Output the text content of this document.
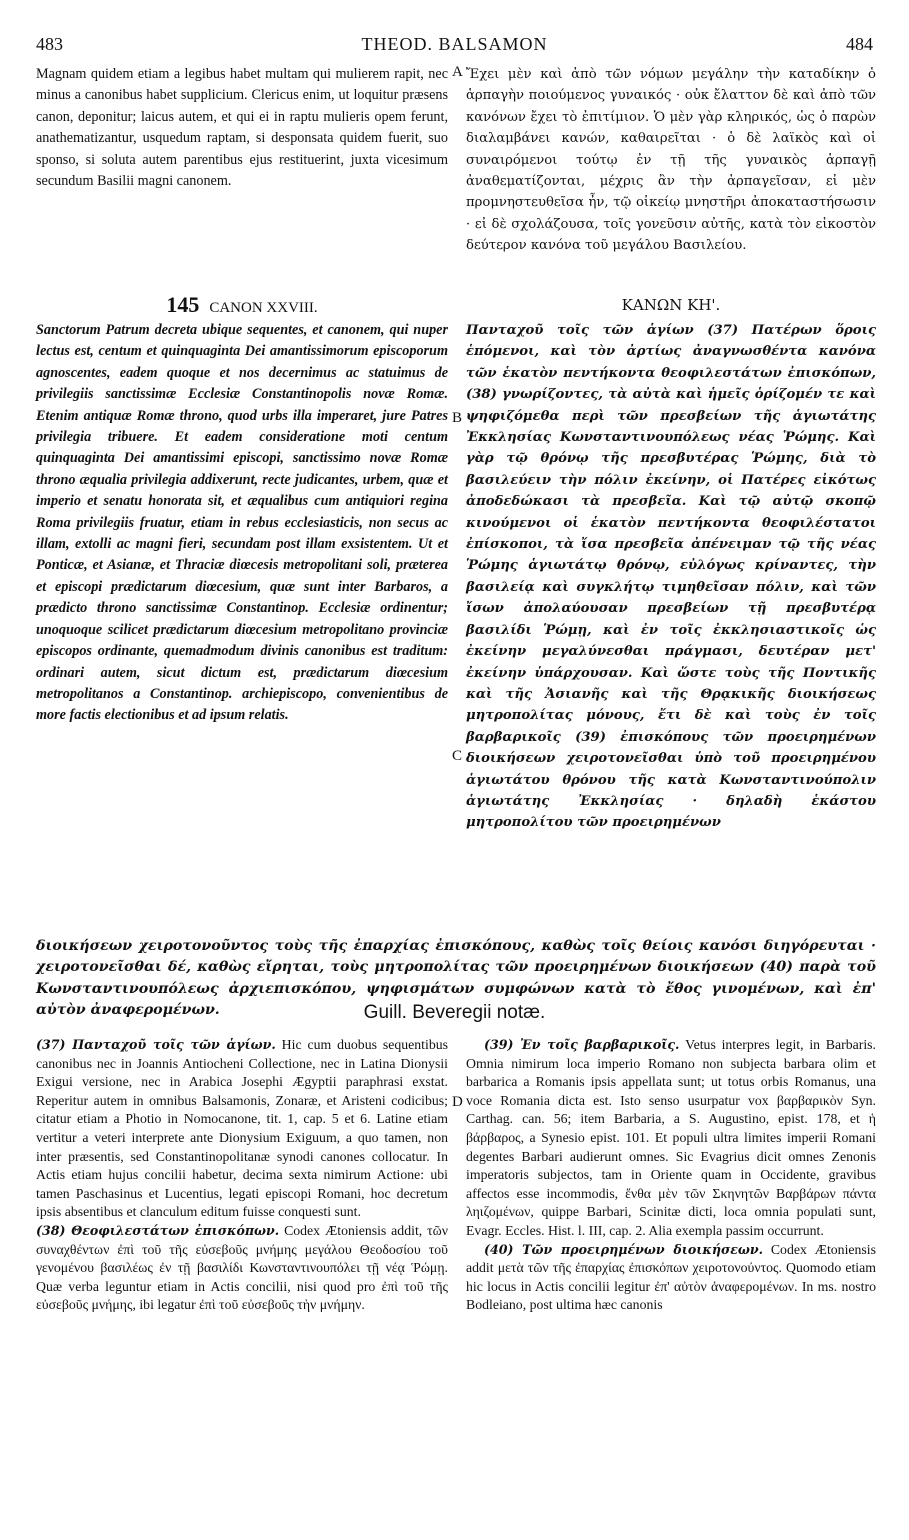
483	THEOD. BALSAMON	484

Magnam quidem etiam a legibus habet multam qui mulierem rapit, nec minus a canonibus habet supplicium. Clericus enim, ut loquitur præsens canon, deponitur; laicus autem, et qui ei in raptu mulieris opem ferunt, anathematizantur, usquedum raptam, si desponsata quidem fuerit, suo sponso, si soluta autem parentibus ejus restituerint, juxta vicesimum secundum Basilii magni canonem.

Ἔχει μὲν καὶ ἀπὸ τῶν νόμων μεγάλην τὴν καταδίκην ὁ ἁρπαγὴν ποιούμενος γυναικός · οὐκ ἔλαττον δὲ καὶ ἀπὸ τῶν κανόνων ἔχει τὸ ἐπιτίμιον. Ὁ μὲν γὰρ κληρικός, ὡς ὁ παρὼν διαλαμβάνει κανών, καθαιρεῖται · ὁ δὲ λαϊκὸς καὶ οἱ συναιρόμενοι τούτῳ ἐν τῇ τῆς γυναικὸς ἁρπαγῇ ἀναθεματίζονται, μέχρις ἂν τὴν ἁρπαγεῖσαν, εἰ μὲν προμνηστευθεῖσα ἦν, τῷ οἰκείῳ μνηστῆρι ἀποκαταστήσωσιν · εἰ δὲ σχολάζουσα, τοῖς γονεῦσιν αὐτῆς, κατὰ τὸν εἰκοστὸν δεύτερον κανόνα τοῦ μεγάλου Βασιλείου.

145 CANON XXVIII.	ΚΑΝΩΝ ΚΗ'.

Sanctorum Patrum decreta ubique sequentes, et canonem, qui nuper lectus est, centum et quinquaginta Dei amantissimorum episcoporum agnoscentes, eadem quoque et nos decernimus ac statuimus de privilegiis sanctissimæ Ecclesiæ Constantinopolis novæ Romæ. Etenim antiquæ Romæ throno, quod urbs illa imperaret, jure Patres privilegia tribuere. Et eadem consideratione moti centum quinquaginta Dei amantissimi episcopi, sanctissimo novæ Romæ throno æqualia privilegia addixerunt, recte judicantes, urbem, quæ et imperio et senatu honorata sit, et æqualibus cum antiquiori regina Roma privilegiis fruatur, etiam in rebus ecclesiasticis, non secus ac illam, extolli ac magni fieri, secundam post illam exsistentem. Ut et Ponticæ, et Asianæ, et Thraciæ diœcesis metropolitani soli, præterea et episcopi prædictarum diœcesium, quæ sunt inter Barbaros, a prædicto throno sanctissimæ Constantinop. Ecclesiæ ordinentur; unoquoque scilicet prædictarum diœcesium metropolitano provinciæ episcopos ordinante, quemadmodum divinis canonibus est traditum: ordinari autem, sicut dictum est, prædictarum diœcesium metropolitanos a Constantinop. archiepiscopo, convenientibus de more factis electionibus et ad ipsum relatis.

Πανταχοῦ τοῖς τῶν ἁγίων (37) Πατέρων ὅροις ἑπόμενοι, καὶ τὸν ἀρτίως ἀναγνωσθέντα κανόνα τῶν ἑκατὸν πεντήκοντα θεοφιλεστάτων ἐπισκόπων, (38) γνωρίζοντες, τὰ αὐτὰ καὶ ἡμεῖς ὁρίζομέν τε καὶ ψηφιζόμεθα περὶ τῶν πρεσβείων τῆς ἁγιωτάτης Ἐκκλησίας Κωνσταντινουπόλεως νέας Ῥώμης. Καὶ γὰρ τῷ θρόνῳ τῆς πρεσβυτέρας Ῥώμης, διὰ τὸ βασιλεύειν τὴν πόλιν ἐκείνην, οἱ Πατέρες εἰκότως ἀποδεδώκασι τὰ πρεσβεῖα. Καὶ τῷ αὐτῷ σκοπῷ κινούμενοι οἱ ἑκατὸν πεντήκοντα θεοφιλέστατοι ἐπίσκοποι, τὰ ἴσα πρεσβεῖα ἀπένειμαν τῷ τῆς νέας Ῥώμης ἁγιωτάτῳ θρόνῳ, εὐλόγως κρίναντες, τὴν βασιλείᾳ καὶ συγκλήτῳ τιμηθεῖσαν πόλιν, καὶ τῶν ἴσων ἀπολαύουσαν πρεσβείων τῇ πρεσβυτέρᾳ βασιλίδι Ῥώμῃ, καὶ ἐν τοῖς ἐκκλησιαστικοῖς ὡς ἐκείνην μεγαλύνεσθαι πράγμασι, δευτέραν μετ' ἐκείνην ὑπάρχουσαν. Καὶ ὥστε τοὺς τῆς Ποντικῆς καὶ τῆς Ἀσιανῆς καὶ τῆς Θρᾳκικῆς διοικήσεως μητροπολίτας μόνους, ἔτι δὲ καὶ τοὺς ἐν τοῖς βαρβαρικοῖς (39) ἐπισκόπους τῶν προειρημένων διοικήσεων χειροτονεῖσθαι ὑπὸ τοῦ προειρημένου ἁγιωτάτου θρόνου τῆς κατὰ Κωνσταντινούπολιν ἁγιωτάτης Ἐκκλησίας · δηλαδὴ ἑκάστου μητροπολίτου τῶν προειρημένων

διοικήσεων χειροτονοῦντος τοὺς τῆς ἐπαρχίας ἐπισκόπους, καθὼς τοῖς θείοις κανόσι διηγόρευται · χειροτονεῖσθαι δέ, καθὼς εἴρηται, τοὺς μητροπολίτας τῶν προειρημένων διοικήσεων (40) παρὰ τοῦ Κωνσταντινουπόλεως ἀρχιεπισκόπου, ψηφισμάτων συμφώνων κατὰ τὸ ἔθος γινομένων, καὶ ἐπ' αὐτὸν ἀναφερομένων.

A
B
C
D
Guill. Beveregii notæ.

(37) Πανταχοῦ τοῖς τῶν ἁγίων. Hic cum duobus sequentibus canonibus nec in Joannis Antiocheni Collectione, nec in Latina Dionysii Exigui versione, nec in Arabica Josephi Ægyptii paraphrasi exstat. Reperitur autem in omnibus Balsamonis, Zonaræ, et Aristeni codicibus; citatur etiam a Photio in Nomocanone, tit. 1, cap. 5 et 6. Latine etiam vertitur a veteri interprete ante Dionysium Exiguum, a quo tamen, non inter præsentis, sed Constantinopolitanæ synodi canones collocatur. In Actis etiam hujus concilii habetur, decima sexta nimirum Actione: ubi tamen Paschasinus et Lucentius, legati episcopi Romani, hoc decretum ipsis absentibus et clanculum editum fuisse conquesti sunt.

(38) Θεοφιλεστάτων ἐπισκόπων. Codex Ætoniensis addit, τῶν συναχθέντων ἐπὶ τοῦ τῆς εὐσεβοῦς μνήμης μεγάλου Θεοδοσίου τοῦ γενομένου βασιλέως ἐν τῇ βασιλίδι Κωνσταντινουπόλει τῇ νέᾳ Ῥώμῃ. Quæ verba leguntur etiam in Actis concilii, nisi quod pro ἐπὶ τοῦ τῆς εὐσεβοῦς μνήμης, ibi legatur ἐπὶ τοῦ εὐσεβοῦς τὴν μνήμην.

(39) Ἐν τοῖς βαρβαρικοῖς. Vetus interpres legit, in Barbaris. Omnia nimirum loca imperio Romano non subjecta barbara olim et barbarica a Romanis ipsis appellata sunt; ut totus orbis Romanus, una voce Romania dicta est. Isto senso usurpatur vox βαρβαρικὸν Syn. Carthag. can. 56; item Barbaria, a S. Augustino, epist. 178, et ἡ βάρβαρος, a Synesio epist. 101. Et populi ultra limites imperii Romani degentes Barbari audierunt omnes. Sic Evagrius dicit omnes Zenonis imperatoris subjectos, tam in Oriente quam in Occidente, gravibus affectos esse incommodis, ἔνθα μὲν τῶν Σκηνητῶν Βαρβάρων πάντα ληιζομένων, quippe Barbari, Scinitæ dicti, loca omnia populati sunt, Evagr. Eccles. Hist. l. III, cap. 2. Alia exempla passim occurrunt.

(40) Τῶν προειρημένων διοικήσεων. Codex Ætoniensis addit μετὰ τῶν τῆς ἐπαρχίας ἐπισκόπων χειροτονούντος. Quomodo etiam hic locus in Actis concilii legitur ἐπ' αὐτὸν ἀναφερομένων. In ms. nostro Bodleiano, post ultima hæc canonis
